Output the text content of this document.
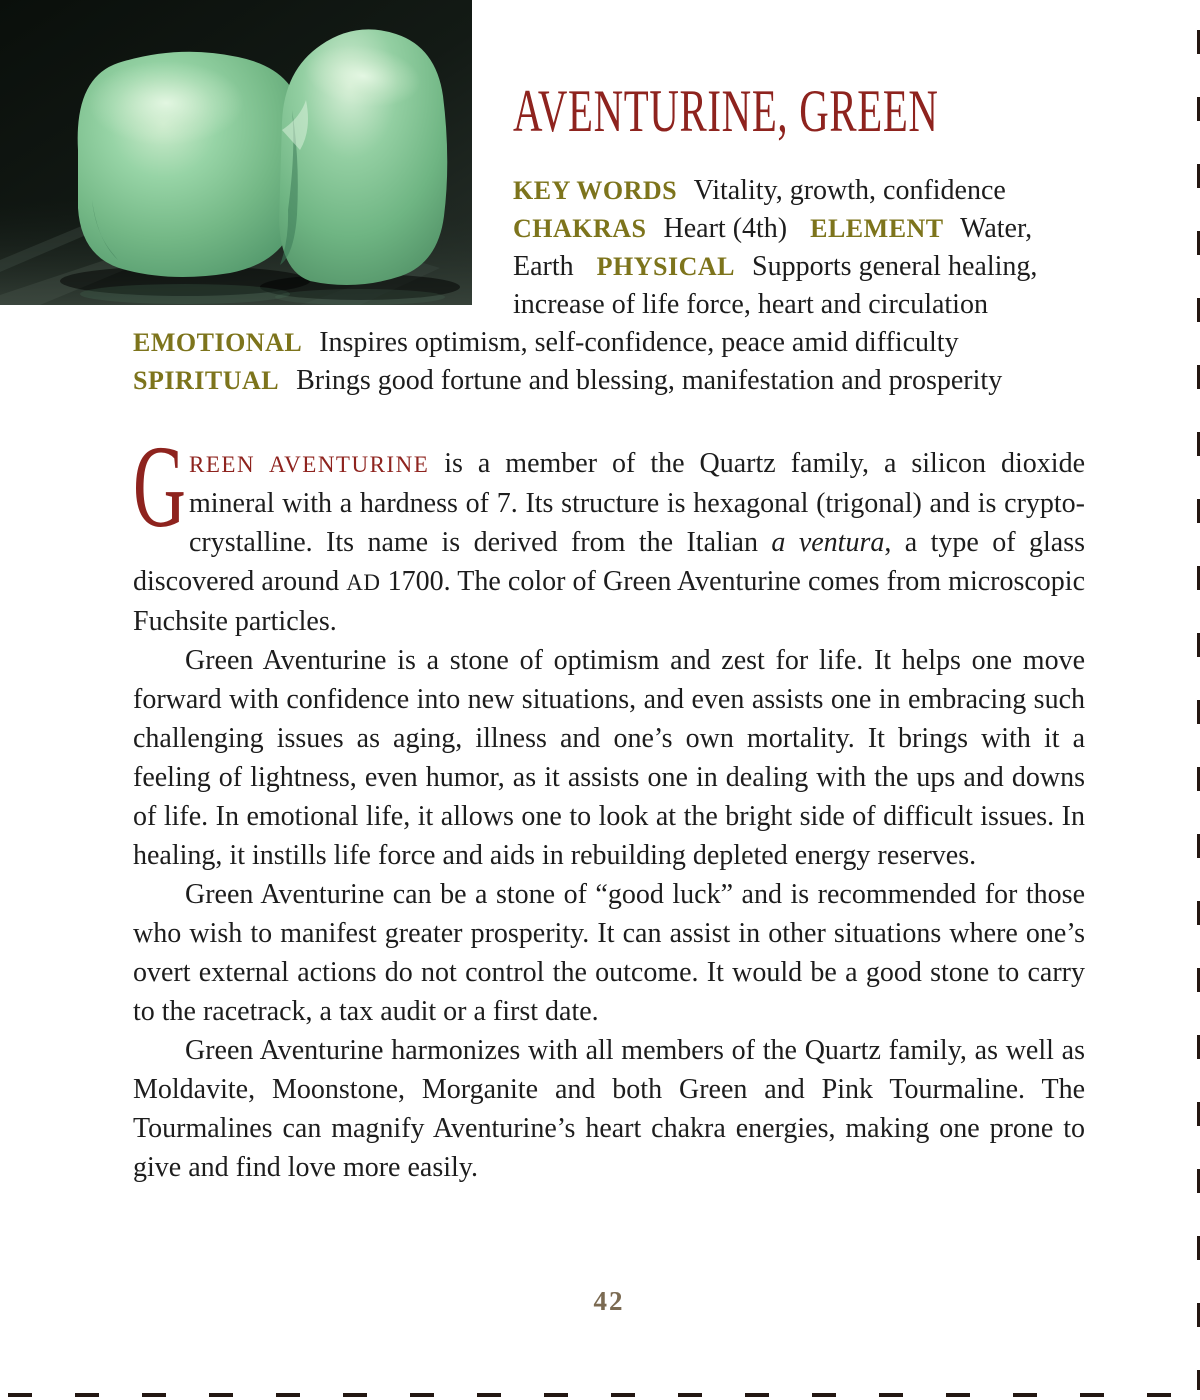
AVENTURINE, GREEN

KEY WORDS Vitality, growth, confidence
CHAKRAS Heart (4th) ELEMENT Water, Earth PHYSICAL Supports general healing, increase of life force, heart and circulation
EMOTIONAL Inspires optimism, self-confidence, peace amid difficulty
SPIRITUAL Brings good fortune and blessing, manifestation and prosperity

G REEN AVENTURINE is a member of the Quartz family, a silicon dioxide mineral with a hardness of 7. Its structure is hexagonal (trigonal) and is crypto-crystalline. Its name is derived from the Italian a ventura, a type of glass discovered around AD 1700. The color of Green Aventurine comes from microscopic Fuchsite particles.

Green Aventurine is a stone of optimism and zest for life. It helps one move forward with confidence into new situations, and even assists one in embracing such challenging issues as aging, illness and one’s own mortality. It brings with it a feeling of lightness, even humor, as it assists one in dealing with the ups and downs of life. In emotional life, it allows one to look at the bright side of difficult issues. In healing, it instills life force and aids in rebuilding depleted energy reserves.

Green Aventurine can be a stone of “good luck” and is recommended for those who wish to manifest greater prosperity. It can assist in other situations where one’s overt external actions do not control the outcome. It would be a good stone to carry to the racetrack, a tax audit or a first date.

Green Aventurine harmonizes with all members of the Quartz family, as well as Moldavite, Moonstone, Morganite and both Green and Pink Tourmaline. The Tourmalines can magnify Aventurine’s heart chakra energies, making one prone to give and find love more easily.

42
